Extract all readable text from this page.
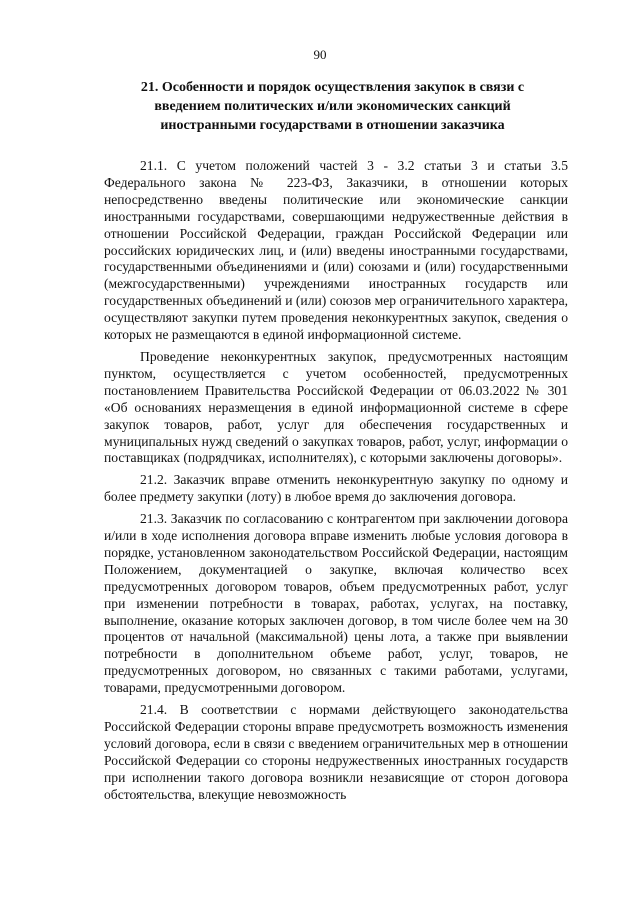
90
21. Особенности и порядок осуществления закупок в связи с введением политических и/или экономических санкций иностранными государствами в отношении заказчика

21.1. С учетом положений частей 3 - 3.2 статьи 3 и статьи 3.5 Федерального закона № 223-ФЗ, Заказчики, в отношении которых непосредственно введены политические или экономические санкции иностранными государствами, совершающими недружественные действия в отношении Российской Федерации, граждан Российской Федерации или российских юридических лиц, и (или) введены иностранными государствами, государственными объединениями и (или) союзами и (или) государственными (межгосударственными) учреждениями иностранных государств или государственных объединений и (или) союзов мер ограничительного характера, осуществляют закупки путем проведения неконкурентных закупок, сведения о которых не размещаются в единой информационной системе.

Проведение неконкурентных закупок, предусмотренных настоящим пунктом, осуществляется с учетом особенностей, предусмотренных постановлением Правительства Российской Федерации от 06.03.2022 № 301 «Об основаниях неразмещения в единой информационной системе в сфере закупок товаров, работ, услуг для обеспечения государственных и муниципальных нужд сведений о закупках товаров, работ, услуг, информации о поставщиках (подрядчиках, исполнителях), с которыми заключены договоры».

21.2. Заказчик вправе отменить неконкурентную закупку по одному и более предмету закупки (лоту) в любое время до заключения договора.

21.3. Заказчик по согласованию с контрагентом при заключении договора и/или в ходе исполнения договора вправе изменить любые условия договора в порядке, установленном законодательством Российской Федерации, настоящим Положением, документацией о закупке, включая количество всех предусмотренных договором товаров, объем предусмотренных работ, услуг при изменении потребности в товарах, работах, услугах, на поставку, выполнение, оказание которых заключен договор, в том числе более чем на 30 процентов от начальной (максимальной) цены лота, а также при выявлении потребности в дополнительном объеме работ, услуг, товаров, не предусмотренных договором, но связанных с такими работами, услугами, товарами, предусмотренными договором.

21.4. В соответствии с нормами действующего законодательства Российской Федерации стороны вправе предусмотреть возможность изменения условий договора, если в связи с введением ограничительных мер в отношении Российской Федерации со стороны недружественных иностранных государств при исполнении такого договора возникли независящие от сторон договора обстоятельства, влекущие невозможность
